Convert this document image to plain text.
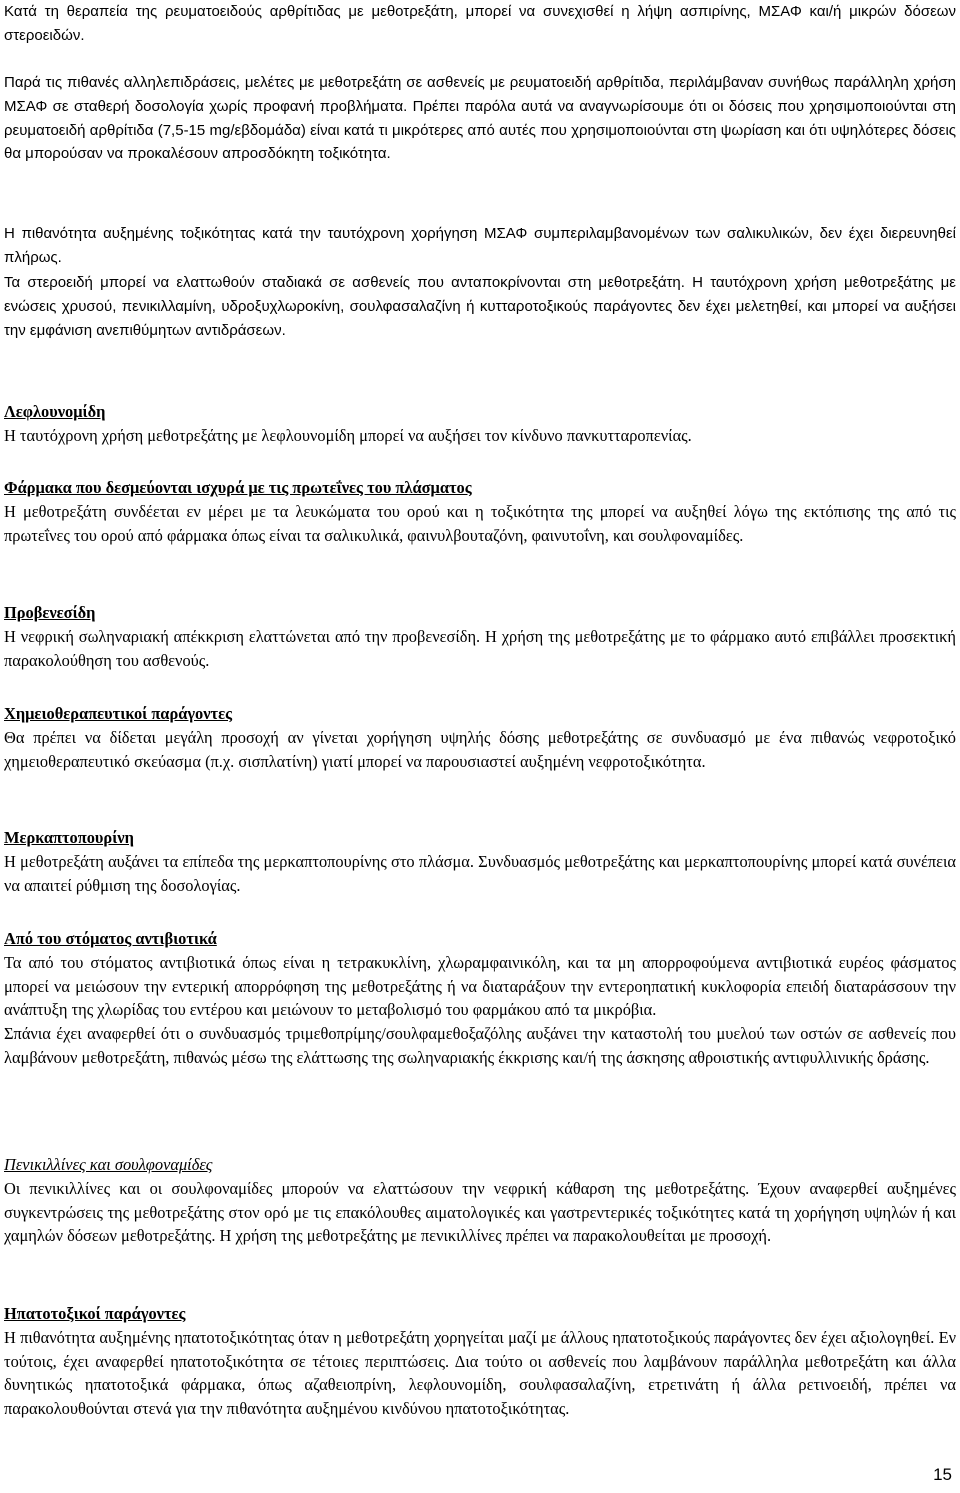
Κατά τη θεραπεία της ρευματοειδούς αρθρίτιδας με μεθοτρεξάτη, μπορεί να συνεχισθεί η λήψη ασπιρίνης, ΜΣΑΦ και/ή μικρών δόσεων στεροειδών.

Παρά τις πιθανές αλληλεπιδράσεις, μελέτες με μεθοτρεξάτη σε ασθενείς με ρευματοειδή αρθρίτιδα, περιλάμβαναν συνήθως παράλληλη χρήση ΜΣΑΦ σε σταθερή δοσολογία χωρίς προφανή προβλήματα. Πρέπει παρόλα αυτά να αναγνωρίσουμε ότι οι δόσεις που χρησιμοποιούνται στη ρευματοειδή αρθρίτιδα (7,5-15 mg/εβδομάδα) είναι κατά τι μικρότερες από αυτές που χρησιμοποιούνται στη ψωρίαση και ότι υψηλότερες δόσεις θα μπορούσαν να προκαλέσουν απροσδόκητη τοξικότητα.

Η πιθανότητα αυξημένης τοξικότητας κατά την ταυτόχρονη χορήγηση ΜΣΑΦ συμπεριλαμβανομένων των σαλικυλικών, δεν έχει διερευνηθεί πλήρως.

Τα στεροειδή μπορεί να ελαττωθούν σταδιακά σε ασθενείς που ανταποκρίνονται στη μεθοτρεξάτη. Η ταυτόχρονη χρήση μεθοτρεξάτης με ενώσεις χρυσού, πενικιλλαμίνη, υδροξυχλωροκίνη, σουλφασαλαζίνη ή κυτταροτοξικούς παράγοντες δεν έχει μελετηθεί, και μπορεί να αυξήσει την εμφάνιση ανεπιθύμητων αντιδράσεων.

Λεφλουνομίδη

Η ταυτόχρονη χρήση μεθοτρεξάτης με λεφλουνομίδη μπορεί να αυξήσει τον κίνδυνο πανκυτταροπενίας.

Φάρμακα που δεσμεύονται ισχυρά με τις πρωτεΐνες του πλάσματος

Η μεθοτρεξάτη συνδέεται εν μέρει με τα λευκώματα του ορού και η τοξικότητα της μπορεί να αυξηθεί λόγω της εκτόπισης της από τις πρωτεΐνες του ορού από φάρμακα όπως είναι τα σαλικυλικά, φαινυλβουταζόνη, φαινυτοΐνη, και σουλφοναμίδες.

Προβενεσίδη

Η νεφρική σωληναριακή απέκκριση ελαττώνεται από την προβενεσίδη. Η χρήση της μεθοτρεξάτης με το φάρμακο αυτό επιβάλλει προσεκτική παρακολούθηση του ασθενούς.

Χημειοθεραπευτικοί παράγοντες

Θα πρέπει να δίδεται μεγάλη προσοχή αν γίνεται χορήγηση υψηλής δόσης μεθοτρεξάτης σε συνδυασμό με ένα πιθανώς νεφροτοξικό χημειοθεραπευτικό σκεύασμα (π.χ. σισπλατίνη) γιατί μπορεί να παρουσιαστεί αυξημένη νεφροτοξικότητα.

Μερκαπτοπουρίνη

Η μεθοτρεξάτη αυξάνει τα επίπεδα της μερκαπτοπουρίνης στο πλάσμα. Συνδυασμός μεθοτρεξάτης και μερκαπτοπουρίνης μπορεί κατά συνέπεια να απαιτεί ρύθμιση της δοσολογίας.

Από του στόματος αντιβιοτικά

Τα από του στόματος αντιβιοτικά όπως είναι η τετρακυκλίνη, χλωραμφαινικόλη, και τα μη απορροφούμενα αντιβιοτικά ευρέος φάσματος μπορεί να μειώσουν την εντερική απορρόφηση της μεθοτρεξάτης ή να διαταράξουν την εντεροηπατική κυκλοφορία επειδή διαταράσσουν την ανάπτυξη της χλωρίδας του εντέρου και μειώνουν το μεταβολισμό του φαρμάκου από τα μικρόβια.

Σπάνια έχει αναφερθεί ότι ο συνδυασμός τριμεθοπρίμης/σουλφαμεθοξαζόλης αυξάνει την καταστολή του μυελού των οστών σε ασθενείς που λαμβάνουν μεθοτρεξάτη, πιθανώς μέσω της ελάττωσης της σωληναριακής έκκρισης και/ή της άσκησης αθροιστικής αντιφυλλινικής δράσης.

Πενικιλλίνες και σουλφοναμίδες

Οι πενικιλλίνες και οι σουλφοναμίδες μπορούν να ελαττώσουν την νεφρική κάθαρση της μεθοτρεξάτης. Έχουν αναφερθεί αυξημένες συγκεντρώσεις της μεθοτρεξάτης στον ορό με τις επακόλουθες αιματολογικές και γαστρεντερικές τοξικότητες κατά τη χορήγηση υψηλών ή και χαμηλών δόσεων μεθοτρεξάτης. Η χρήση της μεθοτρεξάτης με πενικιλλίνες πρέπει να παρακολουθείται με προσοχή.

Ηπατοτοξικοί παράγοντες

Η πιθανότητα αυξημένης ηπατοτοξικότητας όταν η μεθοτρεξάτη χορηγείται μαζί με άλλους ηπατοτοξικούς παράγοντες δεν έχει αξιολογηθεί. Εν τούτοις, έχει αναφερθεί ηπατοτοξικότητα σε τέτοιες περιπτώσεις. Δια τούτο οι ασθενείς που λαμβάνουν παράλληλα μεθοτρεξάτη και άλλα δυνητικώς ηπατοτοξικά φάρμακα, όπως αζαθειοπρίνη, λεφλουνομίδη, σουλφασαλαζίνη, ετρετινάτη ή άλλα ρετινοειδή, πρέπει να παρακολουθούνται στενά για την πιθανότητα αυξημένου κινδύνου ηπατοτοξικότητας.

15
